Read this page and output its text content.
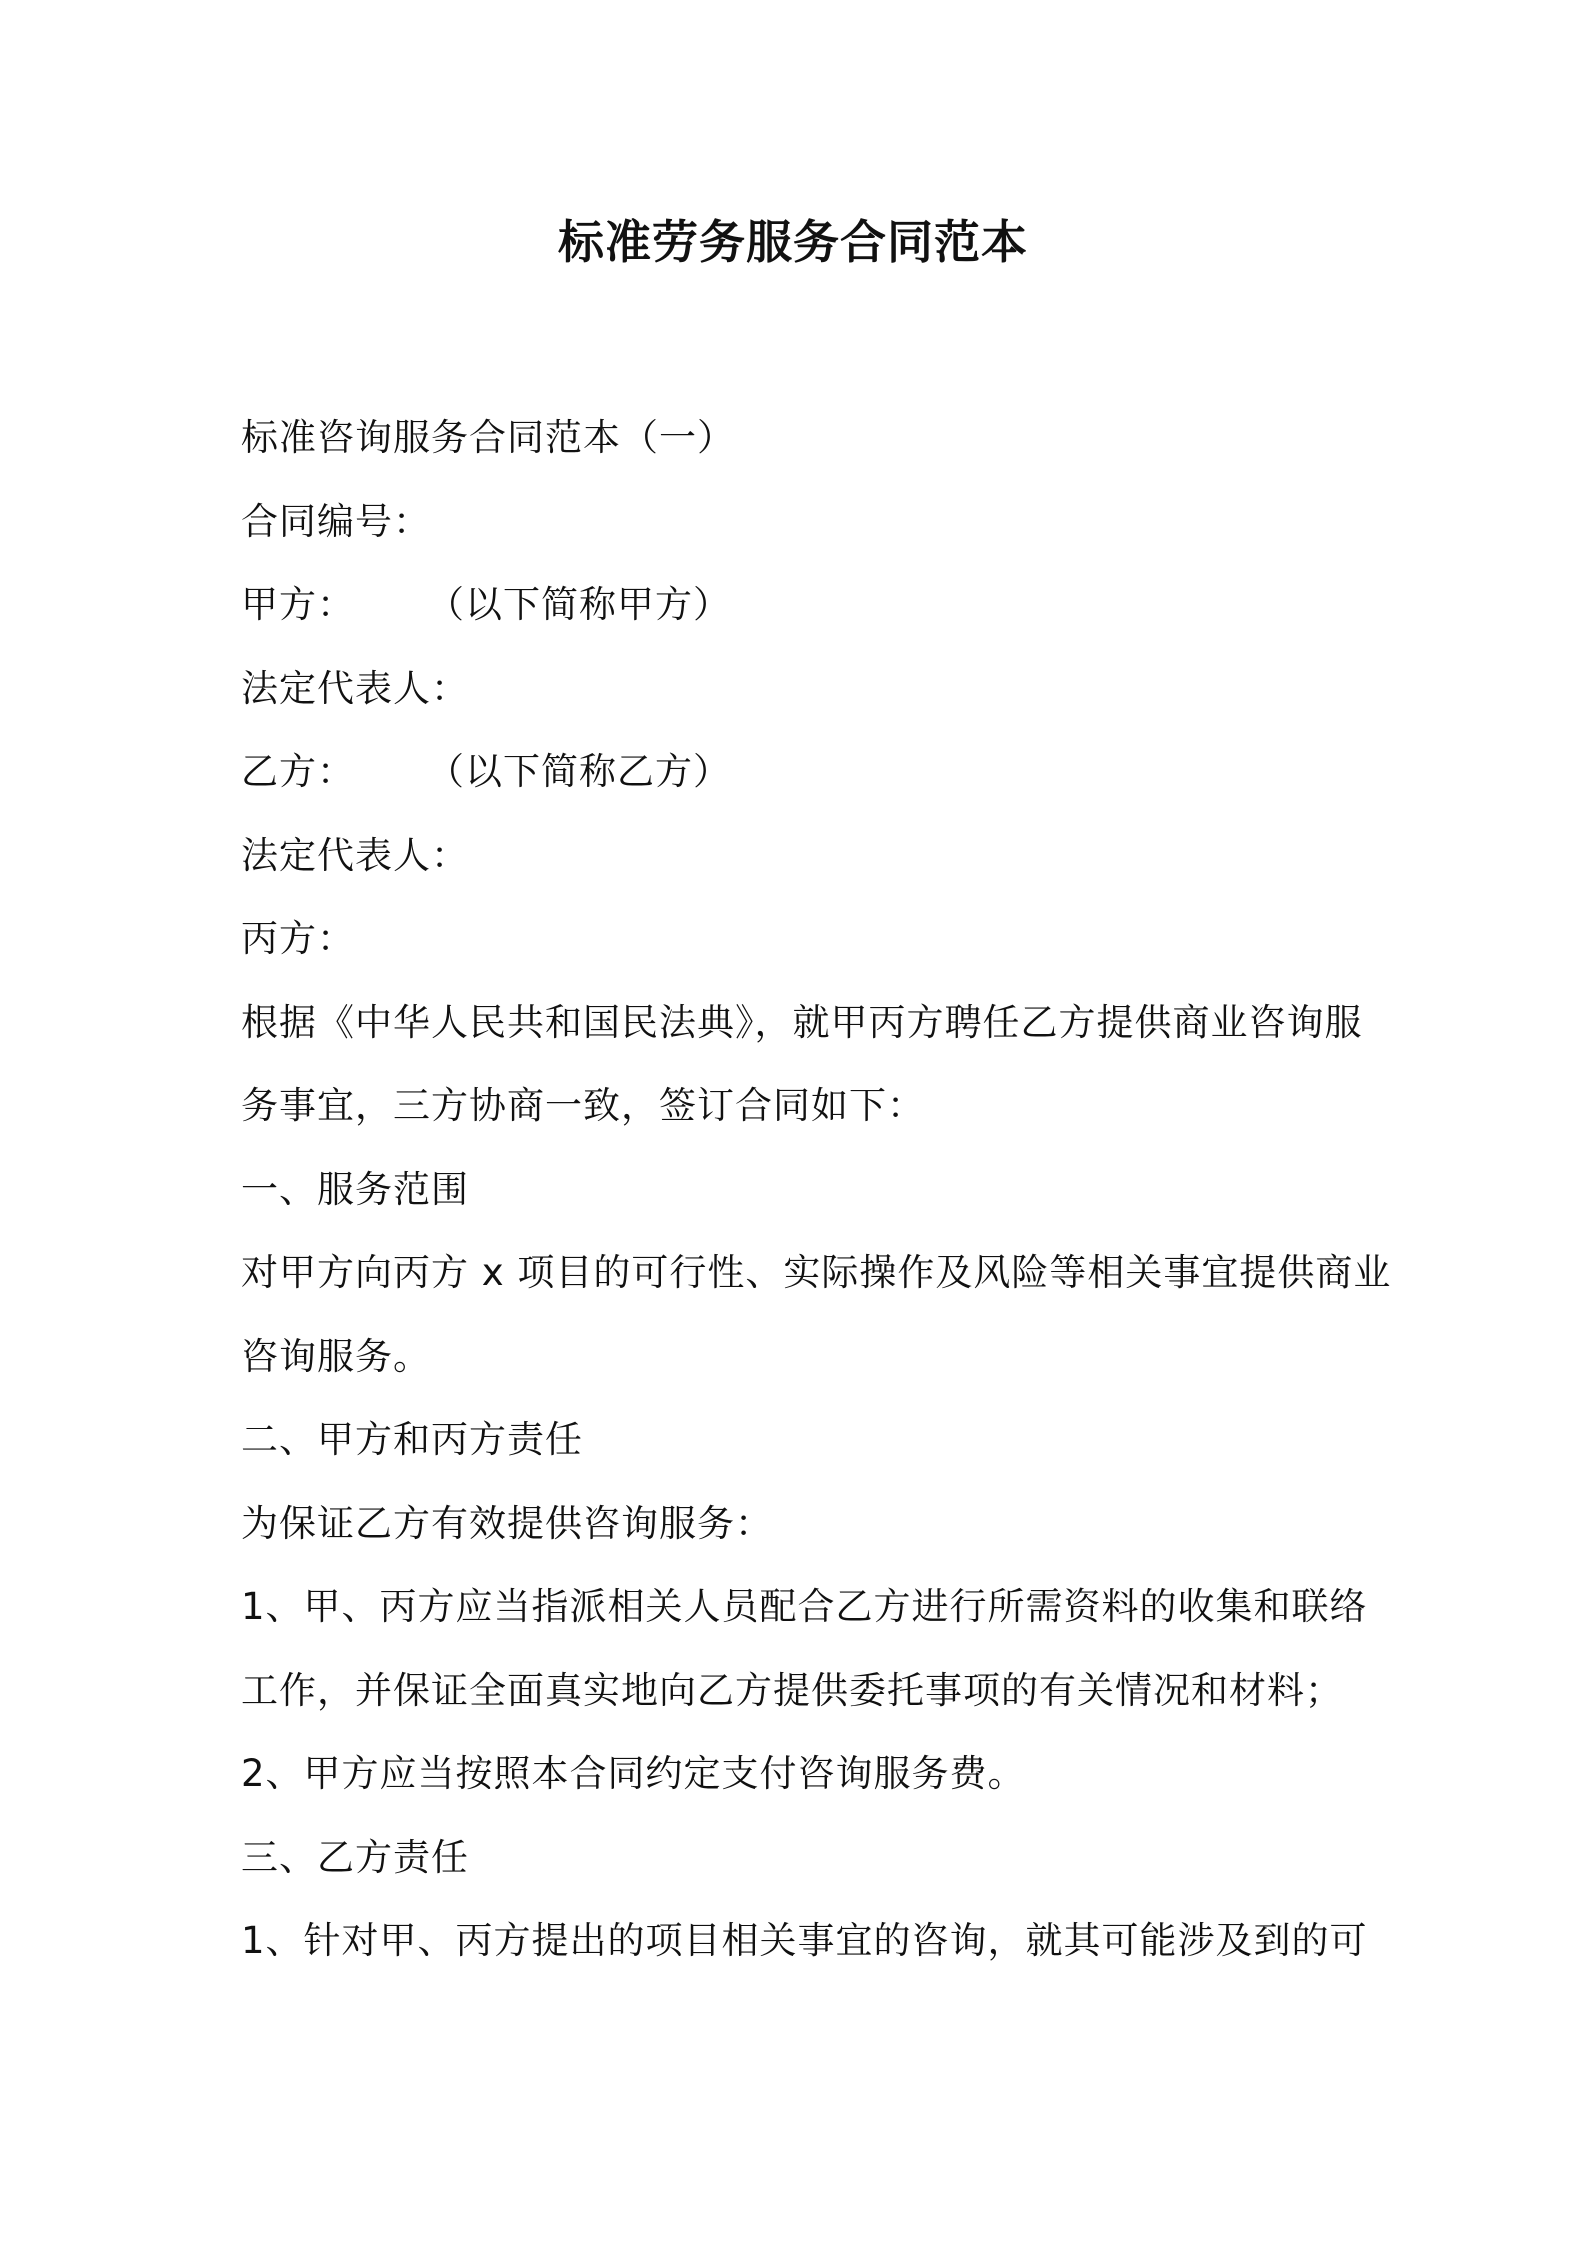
标准劳务服务合同范本
标准咨询服务合同范本（一）
合同编号：
甲方： （以下简称甲方）
法定代表人：
乙方： （以下简称乙方）
法定代表人：
丙方：
根据《中华人民共和国民法典》，就甲丙方聘任乙方提供商业咨询服
务事宜，三方协商一致，签订合同如下：
一、服务范围
对甲方向丙方 x 项目的可行性、实际操作及风险等相关事宜提供商业
咨询服务。
二、甲方和丙方责任
为保证乙方有效提供咨询服务：
1、甲、丙方应当指派相关人员配合乙方进行所需资料的收集和联络
工作，并保证全面真实地向乙方提供委托事项的有关情况和材料；
2、甲方应当按照本合同约定支付咨询服务费。
三、乙方责任
1、针对甲、丙方提出的项目相关事宜的咨询，就其可能涉及到的可
